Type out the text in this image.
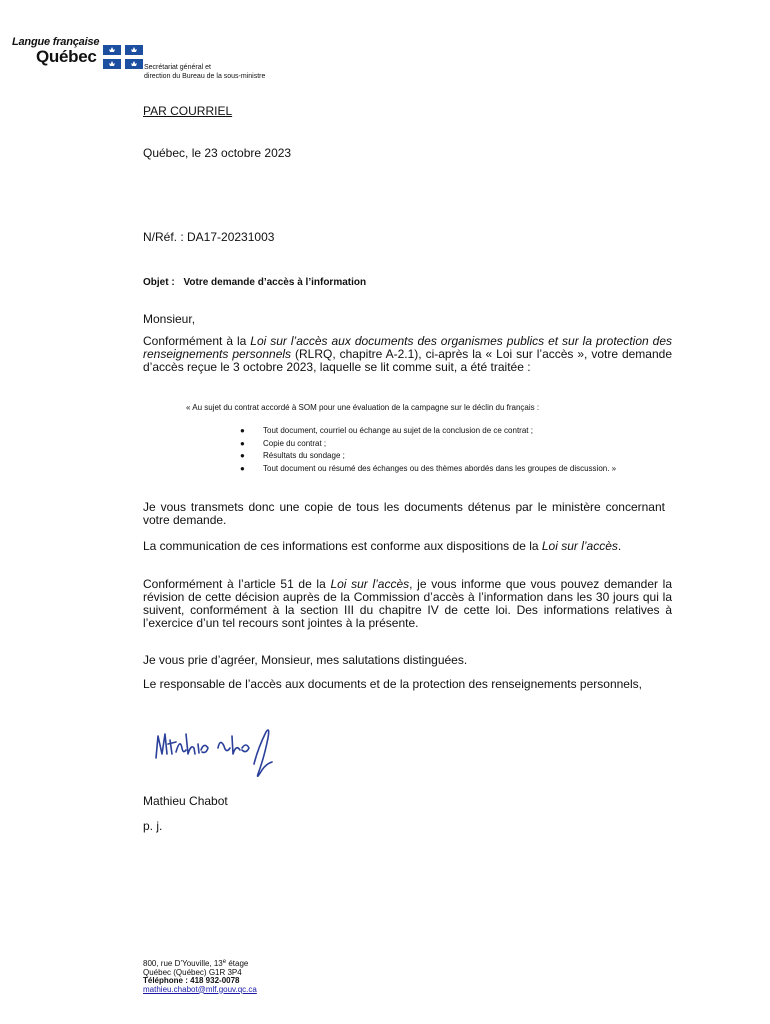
Langue française
Québec
Secrétariat général et
direction du Bureau de la sous-ministre
PAR COURRIEL
Québec, le 23 octobre 2023
N/Réf. : DA17-20231003
Objet : Votre demande d’accès à l’information
Monsieur,
Conformément à la Loi sur l’accès aux documents des organismes publics et sur la protection des renseignements personnels (RLRQ, chapitre A-2.1), ci-après la « Loi sur l’accès », votre demande d’accès reçue le 3 octobre 2023, laquelle se lit comme suit, a été traitée :
« Au sujet du contrat accordé à SOM pour une évaluation de la campagne sur le déclin du français :
● Tout document, courriel ou échange au sujet de la conclusion de ce contrat ;
● Copie du contrat ;
● Résultats du sondage ;
● Tout document ou résumé des échanges ou des thèmes abordés dans les groupes de discussion. »
Je vous transmets donc une copie de tous les documents détenus par le ministère concernant votre demande.
La communication de ces informations est conforme aux dispositions de la Loi sur l’accès.
Conformément à l’article 51 de la Loi sur l’accès, je vous informe que vous pouvez demander la révision de cette décision auprès de la Commission d’accès à l’information dans les 30 jours qui la suivent, conformément à la section III du chapitre IV de cette loi. Des informations relatives à l’exercice d’un tel recours sont jointes à la présente.
Je vous prie d’agréer, Monsieur, mes salutations distinguées.
Le responsable de l’accès aux documents et de la protection des renseignements personnels,
Mathieu Chabot
p. j.
800, rue D’Youville, 13e étage
Québec (Québec) G1R 3P4
Téléphone : 418 932-0078
mathieu.chabot@mlf.gouv.qc.ca
